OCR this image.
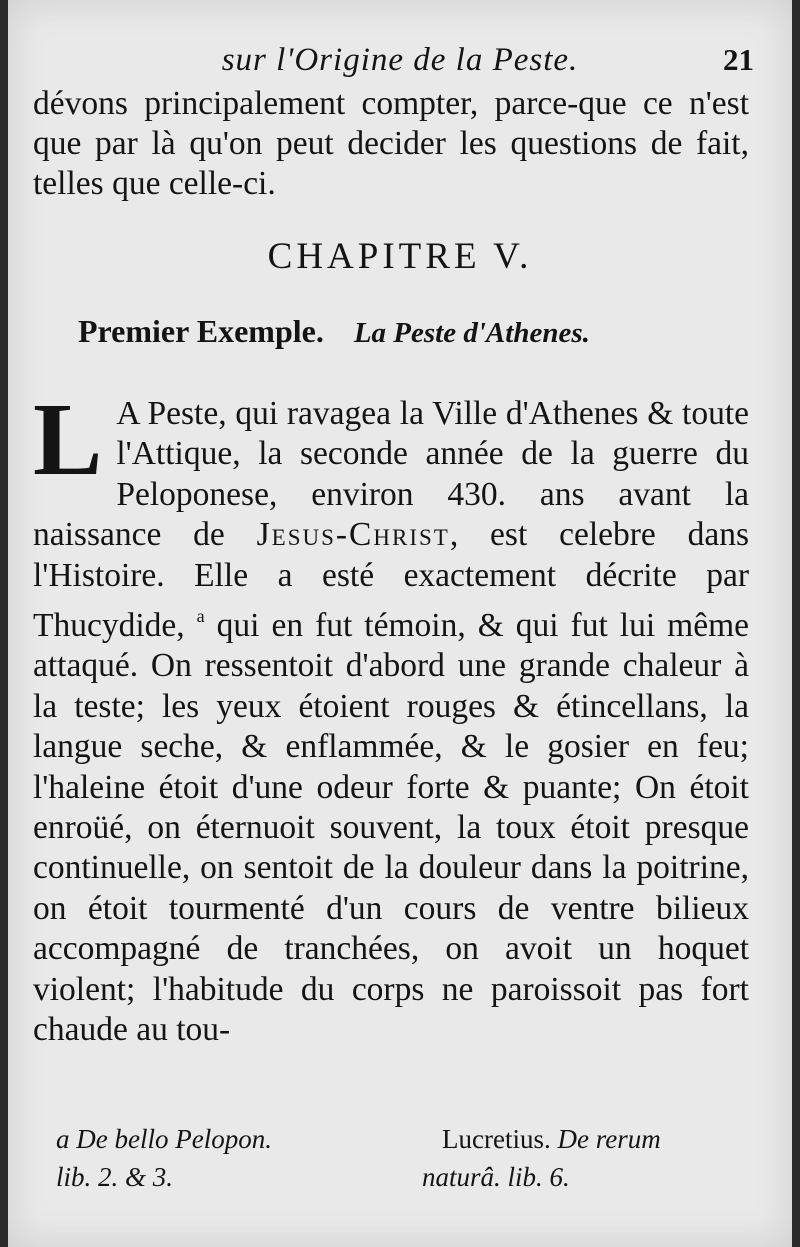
sur l'Origine de la Peste.	21

dévons principalement compter, parce-que ce n'est que par là qu'on peut decider les questions de fait, telles que celle-ci.

CHAPITRE V.
Premier Exemple. La Peste d'Athenes.

L A Peste, qui ravagea la Ville d'Athenes & toute l'Attique, la seconde année de la guerre du Peloponese, environ 430. ans avant la naissance de Jesus-Christ, est celebre dans l'Histoire. Elle a esté exactement décrite par Thucydide, $^a$ qui en fut témoin, & qui fut lui même attaqué. On ressentoit d'abord une grande chaleur à la teste; les yeux étoient rouges & étincellans, la langue seche, & enflammée, & le gosier en feu; l'haleine étoit d'une odeur forte & puante; On étoit enroüé, on éternuoit souvent, la toux étoit presque continuelle, on sentoit de la douleur dans la poitrine, on étoit tourmenté d'un cours de ventre bilieux accompagné de tranchées, on avoit un hoquet violent; l'habitude du corps ne paroissoit pas fort chaude au tou-

a De bello Pelopon.
lib. 2. & 3.
Lucretius. De rerum
naturâ. lib. 6.
